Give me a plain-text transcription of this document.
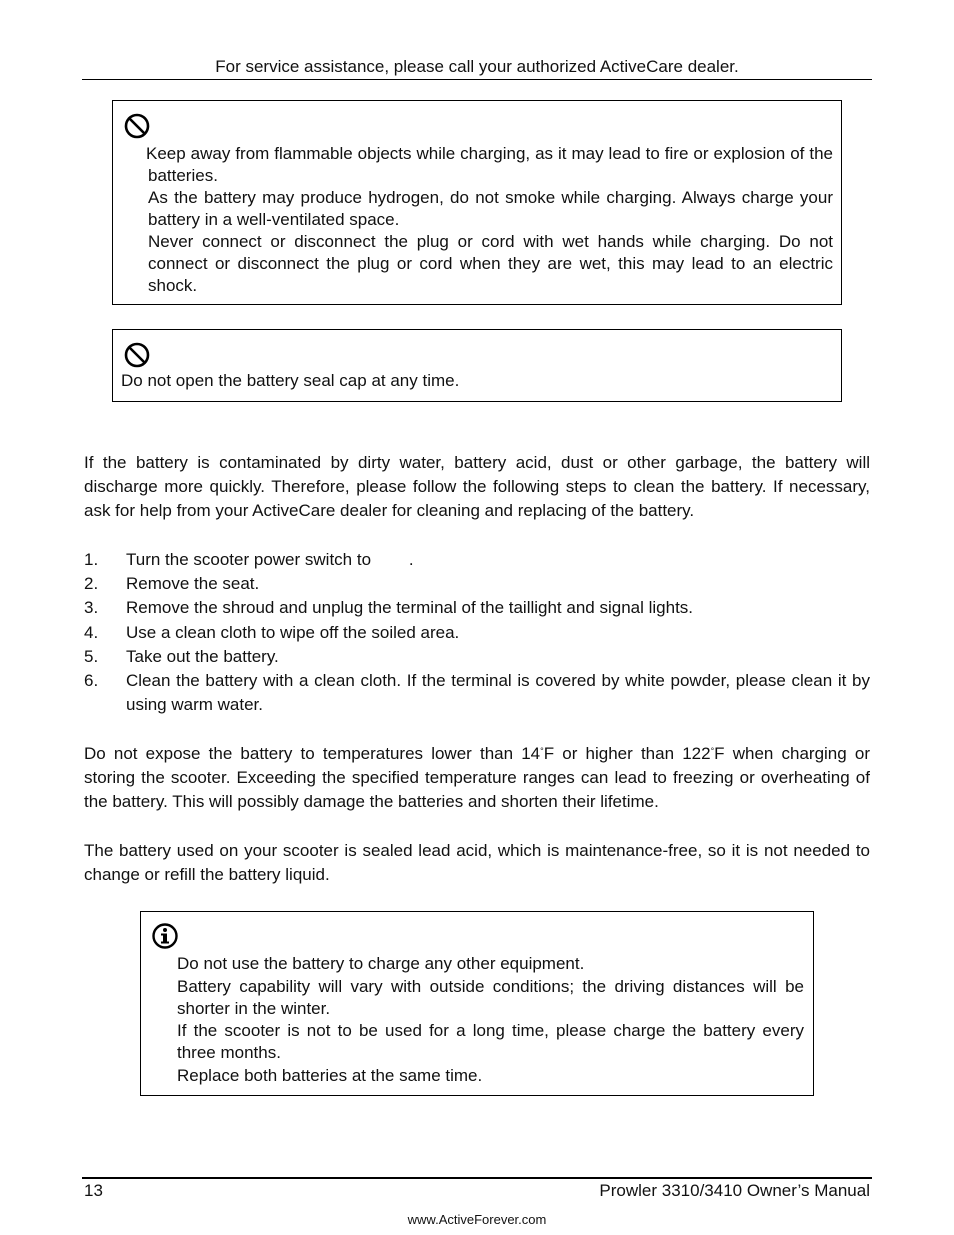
For service assistance, please call your authorized ActiveCare dealer.
Keep away from flammable objects while charging, as it may lead to fire or explosion of the batteries.
As the battery may produce hydrogen, do not smoke while charging. Always charge your battery in a well-ventilated space.
Never connect or disconnect the plug or cord with wet hands while charging. Do not connect or disconnect the plug or cord when they are wet, this may lead to an electric shock.
Do not open the battery seal cap at any time.
If the battery is contaminated by dirty water, battery acid, dust or other garbage, the battery will discharge more quickly. Therefore, please follow the following steps to clean the battery. If necessary, ask for help from your ActiveCare dealer for cleaning and replacing of the battery.
1. Turn the scooter power switch to        .
2. Remove the seat.
3. Remove the shroud and unplug the terminal of the taillight and signal lights.
4. Use a clean cloth to wipe off the soiled area.
5. Take out the battery.
6. Clean the battery with a clean cloth. If the terminal is covered by white powder, please clean it by using warm water.
Do not expose the battery to temperatures lower than 14°F or higher than 122°F when charging or storing the scooter. Exceeding the specified temperature ranges can lead to freezing or overheating of the battery. This will possibly damage the batteries and shorten their lifetime.
The battery used on your scooter is sealed lead acid, which is maintenance-free, so it is not needed to change or refill the battery liquid.
Do not use the battery to charge any other equipment.
Battery capability will vary with outside conditions; the driving distances will be shorter in the winter.
If the scooter is not to be used for a long time, please charge the battery every three months.
Replace both batteries at the same time.
13	Prowler 3310/3410 Owner’s Manual
www.ActiveForever.com
